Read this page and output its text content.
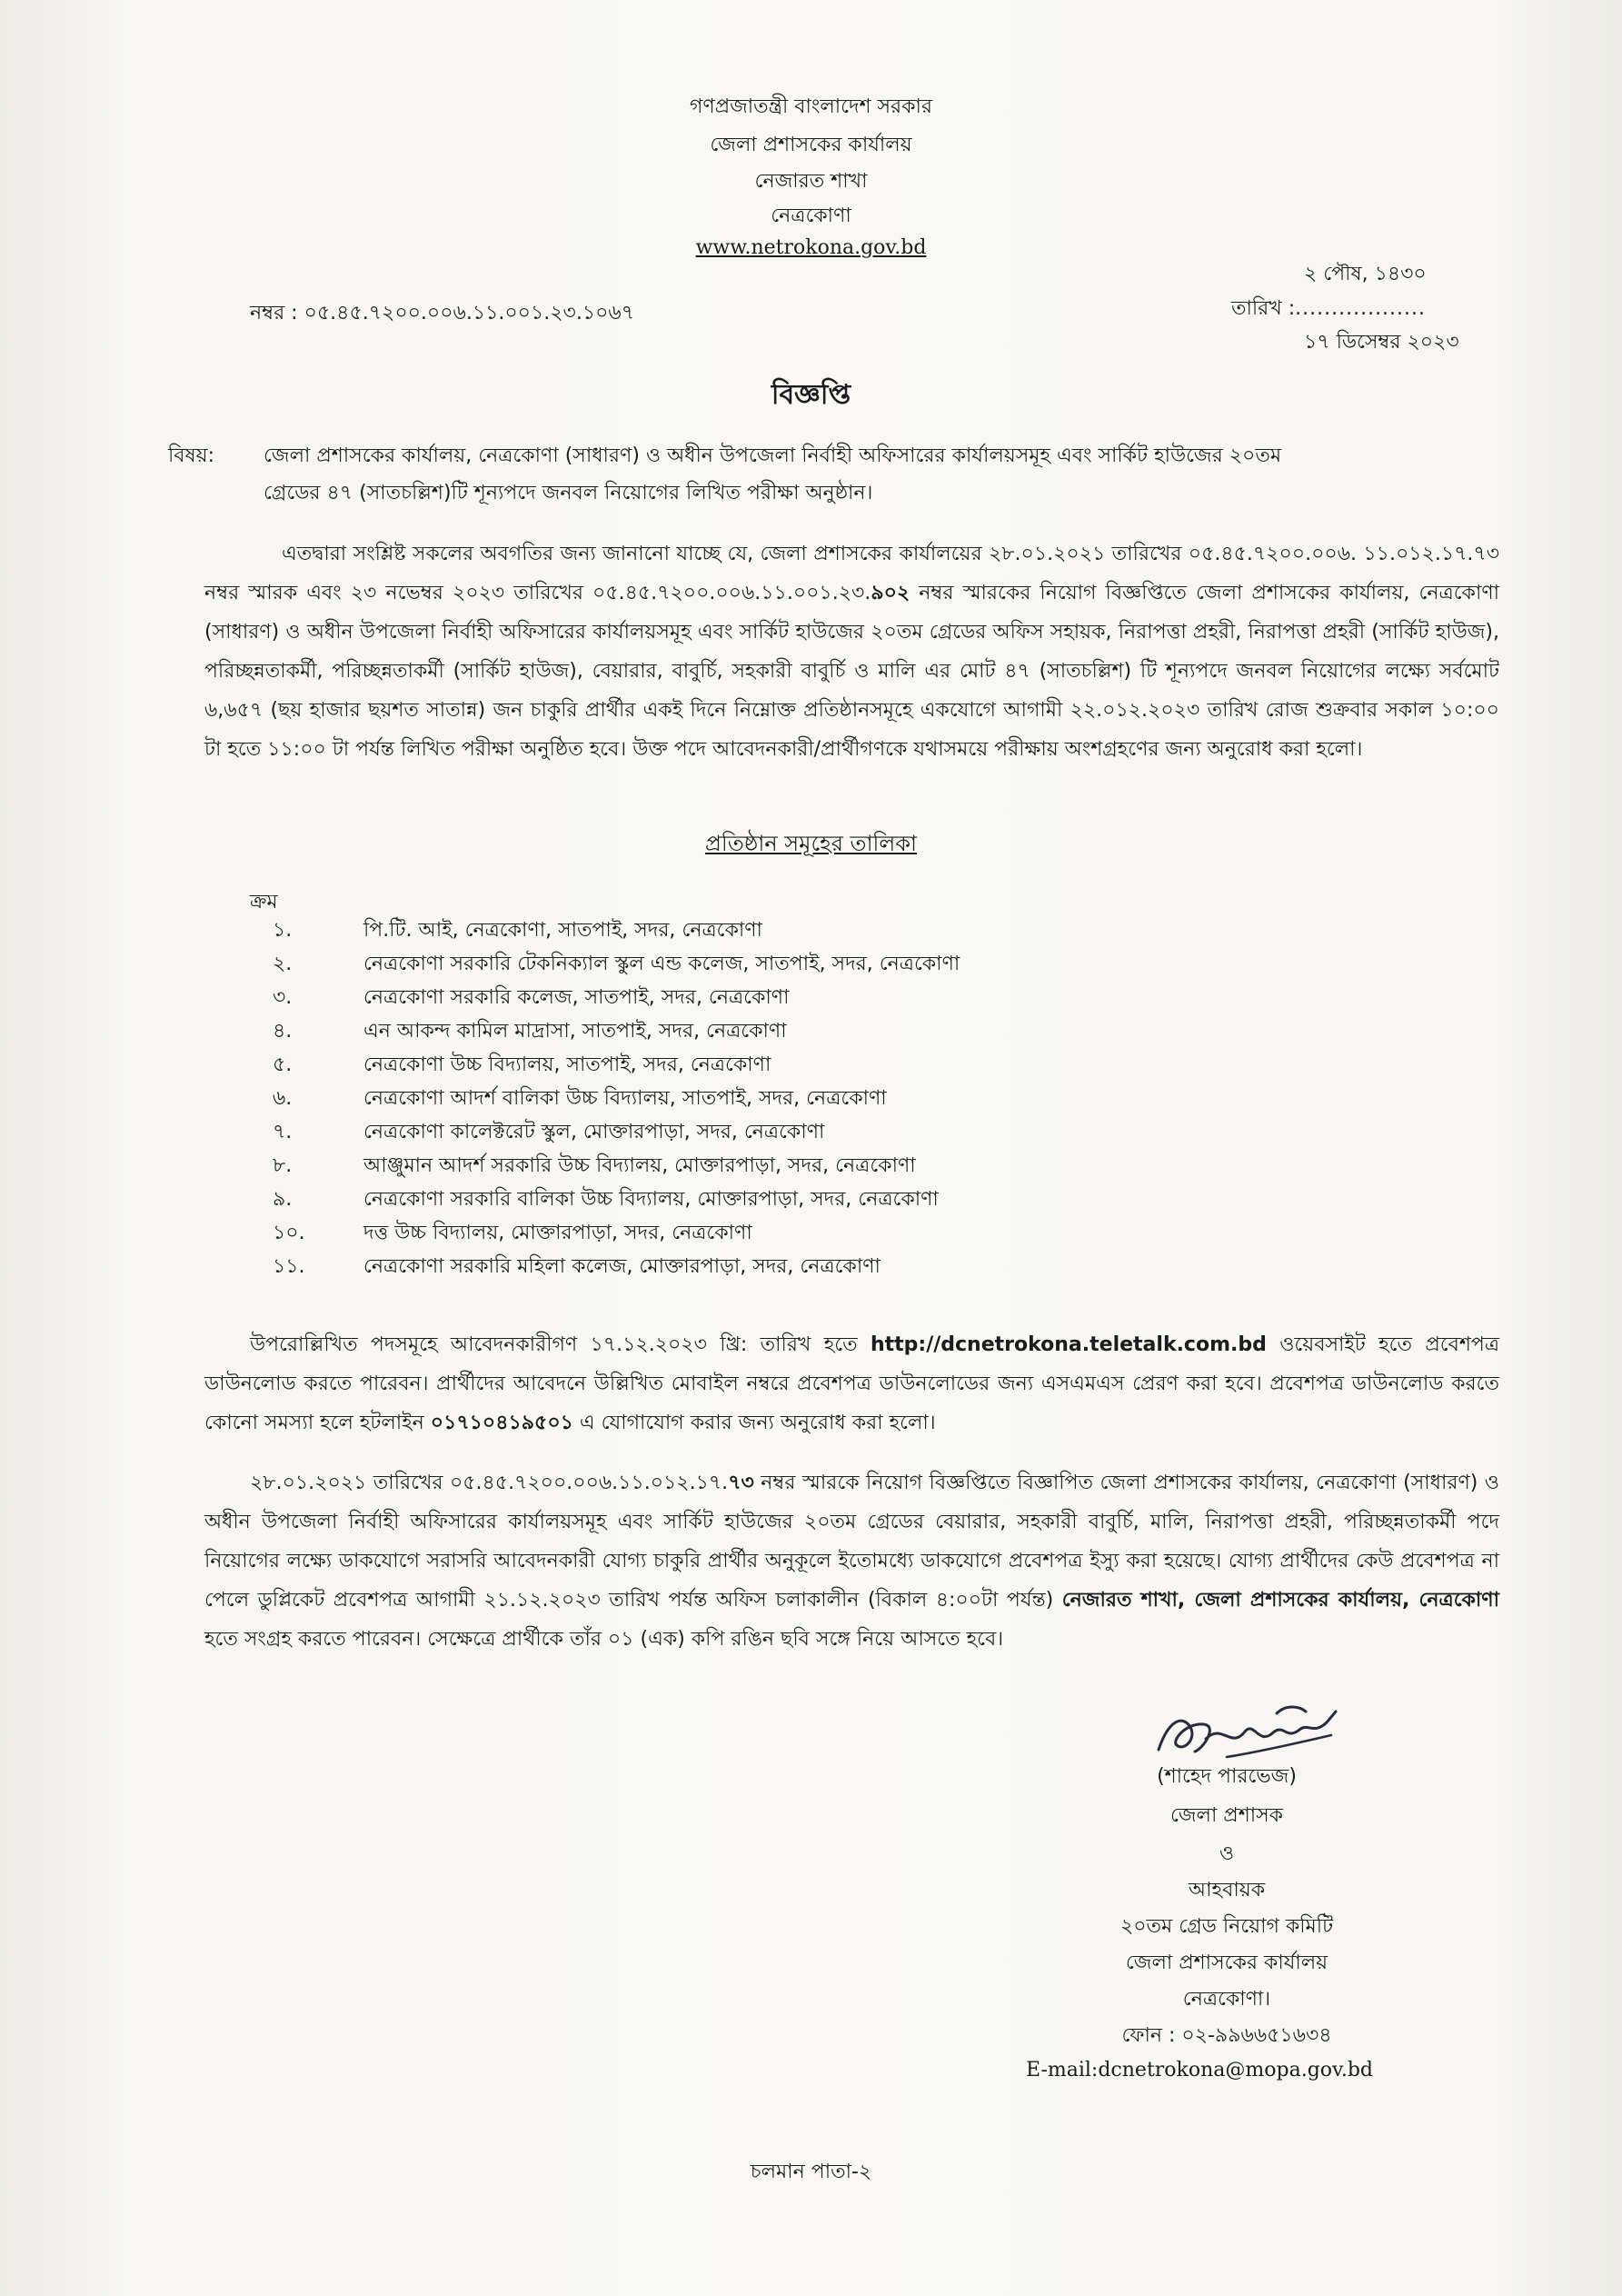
গণপ্রজাতন্ত্রী বাংলাদেশ সরকার
জেলা প্রশাসকের কার্যালয়
নেজারত শাখা
নেত্রকোণা
www.netrokona.gov.bd
২ পৌষ, ১৪৩০
নম্বর : ০৫.৪৫.৭২০০.০০৬.১১.০০১.২৩.১০৬৭	তারিখ :..................
১৭ ডিসেম্বর ২০২৩
বিজ্ঞপ্তি
বিষয়: জেলা প্রশাসকের কার্যালয়, নেত্রকোণা (সাধারণ) ও অধীন উপজেলা নির্বাহী অফিসারের কার্যালয়সমূহ এবং সার্কিট হাউজের ২০তম
গ্রেডের ৪৭ (সাতচল্লিশ)টি শূন্যপদে জনবল নিয়োগের লিখিত পরীক্ষা অনুষ্ঠান।
এতদ্বারা সংশ্লিষ্ট সকলের অবগতির জন্য জানানো যাচ্ছে যে, জেলা প্রশাসকের কার্যালয়ের ২৮.০১.২০২১ তারিখের ০৫.৪৫.৭২০০.০০৬. ১১.০১২.১৭.৭৩ নম্বর স্মারক এবং ২৩ নভেম্বর ২০২৩ তারিখের ০৫.৪৫.৭২০০.০০৬.১১.০০১.২৩.৯০২ নম্বর স্মারকের নিয়োগ বিজ্ঞপ্তিতে জেলা প্রশাসকের কার্যালয়, নেত্রকোণা (সাধারণ) ও অধীন উপজেলা নির্বাহী অফিসারের কার্যালয়সমূহ এবং সার্কিট হাউজের ২০তম গ্রেডের অফিস সহায়ক, নিরাপত্তা প্রহরী, নিরাপত্তা প্রহরী (সার্কিট হাউজ), পরিচ্ছন্নতাকর্মী, পরিচ্ছন্নতাকর্মী (সার্কিট হাউজ), বেয়ারার, বাবুর্চি, সহকারী বাবুর্চি ও মালি এর মোট ৪৭ (সাতচল্লিশ) টি শূন্যপদে জনবল নিয়োগের লক্ষ্যে সর্বমোট ৬,৬৫৭ (ছয় হাজার ছয়শত সাতান্ন) জন চাকুরি প্রার্থীর একই দিনে নিম্নোক্ত প্রতিষ্ঠানসমূহে একযোগে আগামী ২২.০১২.২০২৩ তারিখ রোজ শুক্রবার সকাল ১০:০০ টা হতে ১১:০০ টা পর্যন্ত লিখিত পরীক্ষা অনুষ্ঠিত হবে। উক্ত পদে আবেদনকারী/প্রার্থীগণকে যথাসময়ে পরীক্ষায় অংশগ্রহণের জন্য অনুরোধ করা হলো।
প্রতিষ্ঠান সমূহের তালিকা
ক্রম
১.	পি.টি. আই, নেত্রকোণা, সাতপাই, সদর, নেত্রকোণা
২.	নেত্রকোণা সরকারি টেকনিক্যাল স্কুল এন্ড কলেজ, সাতপাই, সদর, নেত্রকোণা
৩.	নেত্রকোণা সরকারি কলেজ, সাতপাই, সদর, নেত্রকোণা
৪.	এন আকন্দ কামিল মাদ্রাসা, সাতপাই, সদর, নেত্রকোণা
৫.	নেত্রকোণা উচ্চ বিদ্যালয়, সাতপাই, সদর, নেত্রকোণা
৬.	নেত্রকোণা আদর্শ বালিকা উচ্চ বিদ্যালয়, সাতপাই, সদর, নেত্রকোণা
৭.	নেত্রকোণা কালেক্টরেট স্কুল, মোক্তারপাড়া, সদর, নেত্রকোণা
৮.	আঞ্জুমান আদর্শ সরকারি উচ্চ বিদ্যালয়, মোক্তারপাড়া, সদর, নেত্রকোণা
৯.	নেত্রকোণা সরকারি বালিকা উচ্চ বিদ্যালয়, মোক্তারপাড়া, সদর, নেত্রকোণা
১০.	দত্ত উচ্চ বিদ্যালয়, মোক্তারপাড়া, সদর, নেত্রকোণা
১১.	নেত্রকোণা সরকারি মহিলা কলেজ, মোক্তারপাড়া, সদর, নেত্রকোণা
উপরোল্লিখিত পদসমূহে আবেদনকারীগণ ১৭.১২.২০২৩ খ্রি: তারিখ হতে http://dcnetrokona.teletalk.com.bd ওয়েবসাইট হতে প্রবেশপত্র ডাউনলোড করতে পারেবন। প্রার্থীদের আবেদনে উল্লিখিত মোবাইল নম্বরে প্রবেশপত্র ডাউনলোডের জন্য এসএমএস প্রেরণ করা হবে। প্রবেশপত্র ডাউনলোড করতে কোনো সমস্যা হলে হটলাইন ০১৭১০৪১৯৫০১ এ যোগাযোগ করার জন্য অনুরোধ করা হলো।
২৮.০১.২০২১ তারিখের ০৫.৪৫.৭২০০.০০৬.১১.০১২.১৭.৭৩ নম্বর স্মারকে নিয়োগ বিজ্ঞপ্তিতে বিজ্ঞাপিত জেলা প্রশাসকের কার্যালয়, নেত্রকোণা (সাধারণ) ও অধীন উপজেলা নির্বাহী অফিসারের কার্যালয়সমূহ এবং সার্কিট হাউজের ২০তম গ্রেডের বেয়ারার, সহকারী বাবুর্চি, মালি, নিরাপত্তা প্রহরী, পরিচ্ছন্নতাকর্মী পদে নিয়োগের লক্ষ্যে ডাকযোগে সরাসরি আবেদনকারী যোগ্য চাকুরি প্রার্থীর অনুকূলে ইতোমধ্যে ডাকযোগে প্রবেশপত্র ইস্যু করা হয়েছে। যোগ্য প্রার্থীদের কেউ প্রবেশপত্র না পেলে ডুপ্লিকেট প্রবেশপত্র আগামী ২১.১২.২০২৩ তারিখ পর্যন্ত অফিস চলাকালীন (বিকাল ৪:০০টা পর্যন্ত) নেজারত শাখা, জেলা প্রশাসকের কার্যালয়, নেত্রকোণা হতে সংগ্রহ করতে পারেবন। সেক্ষেত্রে প্রার্থীকে তাঁর ০১ (এক) কপি রঙিন ছবি সঙ্গে নিয়ে আসতে হবে।
(শাহেদ পারভেজ)
জেলা প্রশাসক
ও
আহবায়ক
২০তম গ্রেড নিয়োগ কমিটি
জেলা প্রশাসকের কার্যালয়
নেত্রকোণা।
ফোন : ০২-৯৯৬৬৫১৬৩৪
E-mail:dcnetrokona@mopa.gov.bd
চলমান পাতা-২
